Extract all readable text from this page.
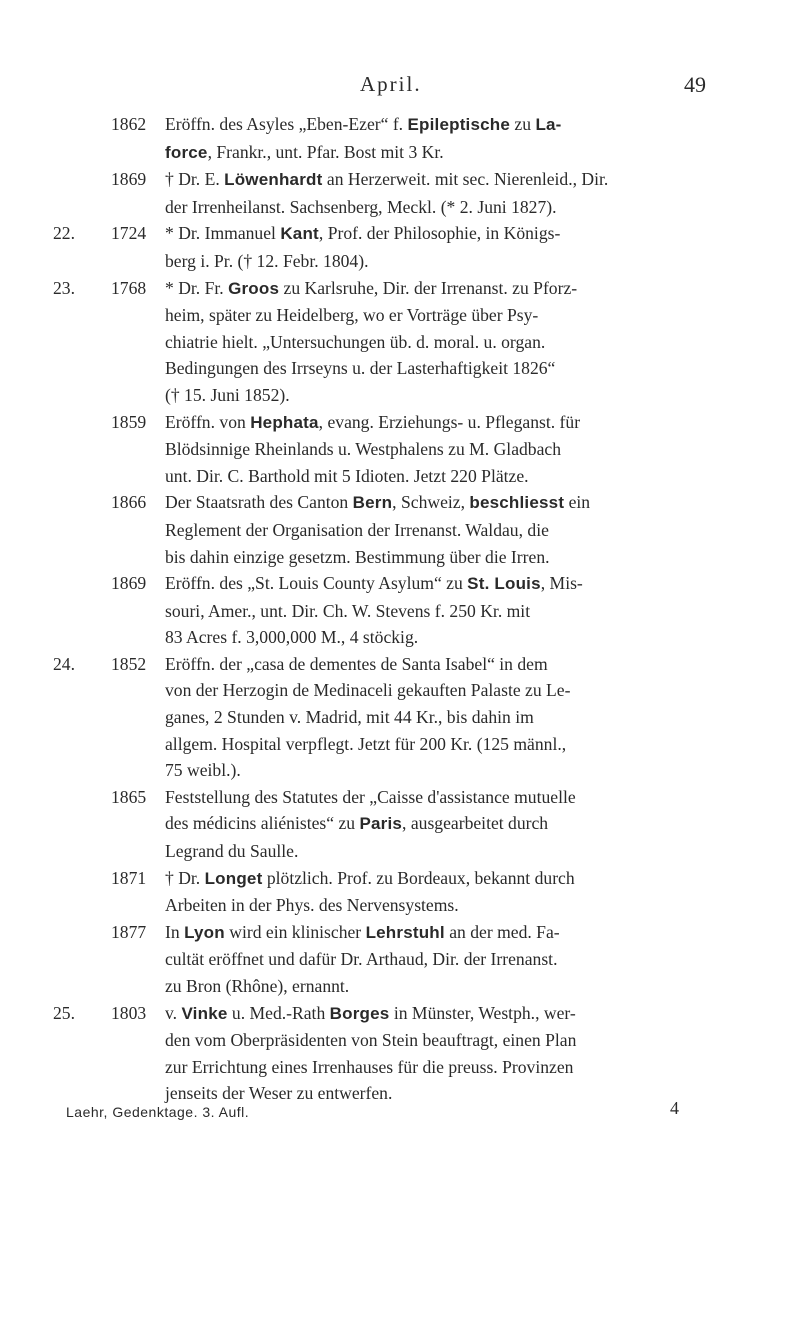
April.	49
1862 Eröffn. des Asyles „Eben-Ezer“ f. Epileptische zu La-
force, Frankr., unt. Pfar. Bost mit 3 Kr.
1869 † Dr. E. Löwenhardt an Herzerweit. mit sec. Nierenleid., Dir.
der Irrenheilanst. Sachsenberg, Meckl. (* 2. Juni 1827).
22.	1724 * Dr. Immanuel Kant, Prof. der Philosophie, in Königs-
berg i. Pr. († 12. Febr. 1804).
23.	1768 * Dr. Fr. Groos zu Karlsruhe, Dir. der Irrenanst. zu Pforz-
heim, später zu Heidelberg, wo er Vorträge über Psy-
chiatrie hielt. „Untersuchungen üb. d. moral. u. organ.
Bedingungen des Irrseyns u. der Lasterhaftigkeit 1826“
(† 15. Juni 1852).
1859 Eröffn. von Hephata, evang. Erziehungs- u. Pfleganst. für
Blödsinnige Rheinlands u. Westphalens zu M. Gladbach
unt. Dir. C. Barthold mit 5 Idioten. Jetzt 220 Plätze.
1866 Der Staatsrath des Canton Bern, Schweiz, beschliesst ein
Reglement der Organisation der Irrenanst. Waldau, die
bis dahin einzige gesetzm. Bestimmung über die Irren.
1869 Eröffn. des „St. Louis County Asylum“ zu St. Louis, Mis-
souri, Amer., unt. Dir. Ch. W. Stevens f. 250 Kr. mit
83 Acres f. 3,000,000 M., 4 stöckig.
24.	1852 Eröffn. der „casa de dementes de Santa Isabel“ in dem
von der Herzogin de Medinaceli gekauften Palaste zu Le-
ganes, 2 Stunden v. Madrid, mit 44 Kr., bis dahin im
allgem. Hospital verpflegt. Jetzt für 200 Kr. (125 männl.,
75 weibl.).
1865 Feststellung des Statutes der „Caisse d'assistance mutuelle
des médicins aliénistes“ zu Paris, ausgearbeitet durch
Legrand du Saulle.
1871 † Dr. Longet plötzlich. Prof. zu Bordeaux, bekannt durch
Arbeiten in der Phys. des Nervensystems.
1877 In Lyon wird ein klinischer Lehrstuhl an der med. Fa-
cultät eröffnet und dafür Dr. Arthaud, Dir. der Irrenanst.
zu Bron (Rhône), ernannt.
25.	1803 v. Vinke u. Med.-Rath Borges in Münster, Westph., wer-
den vom Oberpräsidenten von Stein beauftragt, einen Plan
zur Errichtung eines Irrenhauses für die preuss. Provinzen
jenseits der Weser zu entwerfen.
Laehr, Gedenktage. 3. Aufl.	4
